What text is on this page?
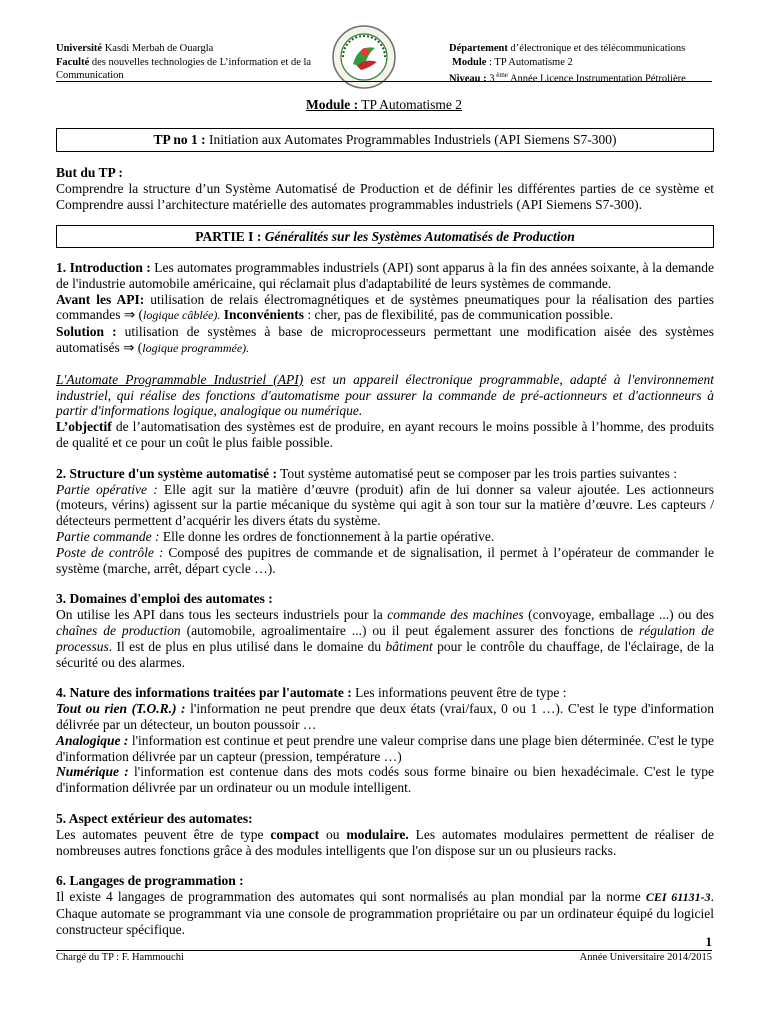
Université Kasdi Merbah de Ouargla
Faculté des nouvelles technologies de L’information et de la Communication
Département d’électronique et des télécommunications
Module : TP Automatisme 2
Niveau : 3 $^{ème}$ Année Licence Instrumentation Pétrolière
Module : TP Automatisme 2
TP no 1 : Initiation aux Automates Programmables Industriels (API Siemens S7-300)

But du TP :

Comprendre la structure d’un Système Automatisé de Production et de définir les différentes parties de ce système et Comprendre aussi l’architecture matérielle des automates programmables industriels (API Siemens S7-300).

PARTIE I : Généralités sur les Systèmes Automatisés de Production

1. Introduction : Les automates programmables industriels (API) sont apparus à la fin des années soixante, à la demande de l'industrie automobile américaine, qui réclamait plus d'adaptabilité de leurs systèmes de commande.

Avant les API: utilisation de relais électromagnétiques et de systèmes pneumatiques pour la réalisation des parties commandes ⇒ (logique câblée). Inconvénients : cher, pas de flexibilité, pas de communication possible.

Solution : utilisation de systèmes à base de microprocesseurs permettant une modification aisée des systèmes automatisés ⇒ (logique programmée).

L'Automate Programmable Industriel (API) est un appareil électronique programmable, adapté à l'environnement industriel, qui réalise des fonctions d'automatisme pour assurer la commande de pré-actionneurs et d'actionneurs à partir d'informations logique, analogique ou numérique.

L’objectif de l’automatisation des systèmes est de produire, en ayant recours le moins possible à l’homme, des produits de qualité et ce pour un coût le plus faible possible.

2. Structure d'un système automatisé : Tout système automatisé peut se composer par les trois parties suivantes :

Partie opérative : Elle agit sur la matière d’œuvre (produit) afin de lui donner sa valeur ajoutée. Les actionneurs (moteurs, vérins) agissent sur la partie mécanique du système qui agit à son tour sur la matière d’œuvre. Les capteurs / détecteurs permettent d’acquérir les divers états du système.

Partie commande : Elle donne les ordres de fonctionnement à la partie opérative.

Poste de contrôle : Composé des pupitres de commande et de signalisation, il permet à l’opérateur de commander le système (marche, arrêt, départ cycle …).

3. Domaines d'emploi des automates :

On utilise les API dans tous les secteurs industriels pour la commande des machines (convoyage, emballage ...) ou des chaînes de production (automobile, agroalimentaire ...) ou il peut également assurer des fonctions de régulation de processus. Il est de plus en plus utilisé dans le domaine du bâtiment pour le contrôle du chauffage, de l'éclairage, de la sécurité ou des alarmes.

4. Nature des informations traitées par l'automate : Les informations peuvent être de type :

Tout ou rien (T.O.R.) : l'information ne peut prendre que deux états (vrai/faux, 0 ou 1 …). C'est le type d'information délivrée par un détecteur, un bouton poussoir …

Analogique : l'information est continue et peut prendre une valeur comprise dans une plage bien déterminée. C'est le type d'information délivrée par un capteur (pression, température …)

Numérique : l'information est contenue dans des mots codés sous forme binaire ou bien hexadécimale. C'est le type d'information délivrée par un ordinateur ou un module intelligent.

5. Aspect extérieur des automates:

Les automates peuvent être de type compact ou modulaire. Les automates modulaires permettent de réaliser de nombreuses autres fonctions grâce à des modules intelligents que l'on dispose sur un ou plusieurs racks.

6. Langages de programmation :

Il existe 4 langages de programmation des automates qui sont normalisés au plan mondial par la norme CEI 61131-3. Chaque automate se programmant via une console de programmation propriétaire ou par un ordinateur équipé du logiciel constructeur spécifique.

1
Chargé du TP : F. Hammouchi	Année Universitaire 2014/2015
